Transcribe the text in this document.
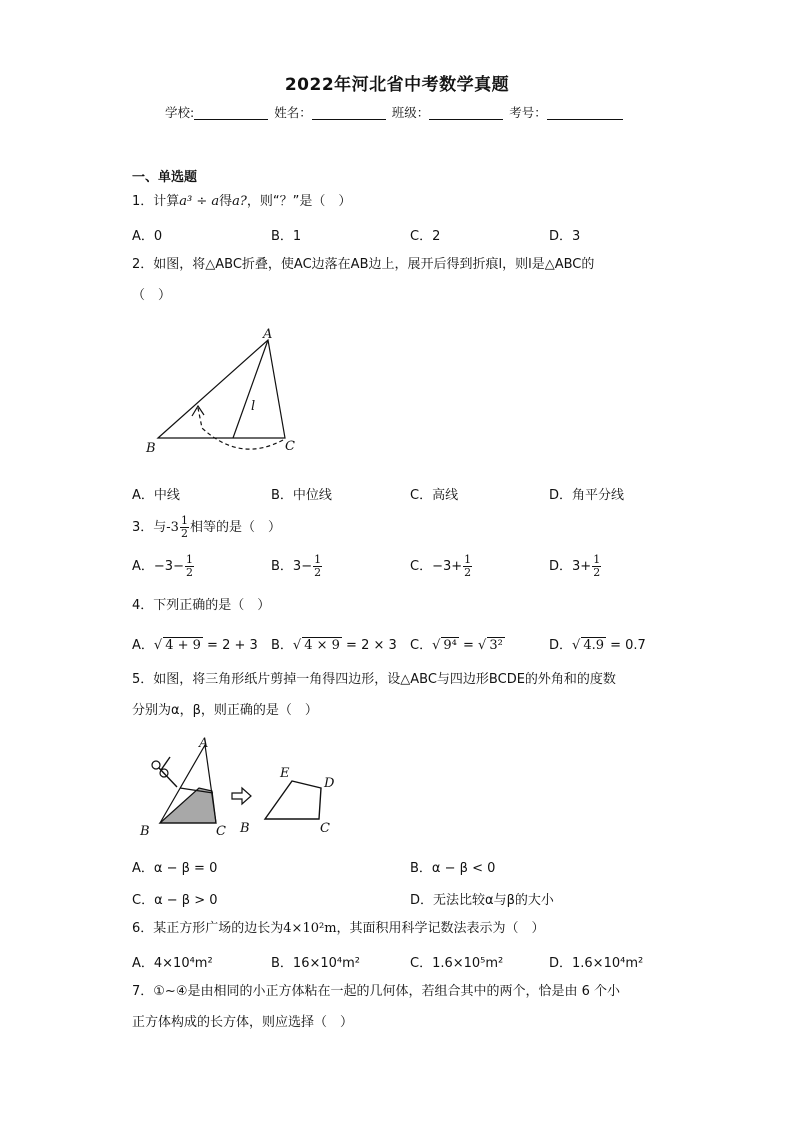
2022年河北省中考数学真题
学校:	姓名：	班级：	考号：
一、单选题
1．计算a³ ÷ a得a?，则“？”是（　）
A．0	B．1	C．2	D．3
2．如图，将△ABC折叠，使AC边落在AB边上，展开后得到折痕l，则l是△ABC的
（　）
A
B	C
l
A．中线	B．中位线	C．高线	D．角平分线
3．与$-3 \frac{1}{2}$ 相等的是（　）
A．$-3- \frac{1}{2}$	B．$3- \frac{1}{2}$	C．$-3+ \frac{1}{2}$	D．$3+ \frac{1}{2}$
4．下列正确的是（　）
A．√ 4 + 9 = 2 + 3 B．√ 4 × 9 = 2 × 3 C．√ 9⁴ = √ 3²	D．√ 4.9 = 0.7
5．如图，将三角形纸片剪掉一角得四边形，设△ABC与四边形BCDE的外角和的度数
分别为α，β，则正确的是（　）
A
B	C
E
D
B	C
A．α − β = 0	B．α − β < 0
C．α − β > 0	D．无法比较α与β的大小
6．某正方形广场的边长为4×10²m，其面积用科学记数法表示为（　）
A．4×10⁴m²	B．16×10⁴m²	C．1.6×10⁵m²	D．1.6×10⁴m²
7．①~④是由相同的小正方体粘在一起的几何体，若组合其中的两个，恰是由 6 个小
正方体构成的长方体，则应选择（　）
